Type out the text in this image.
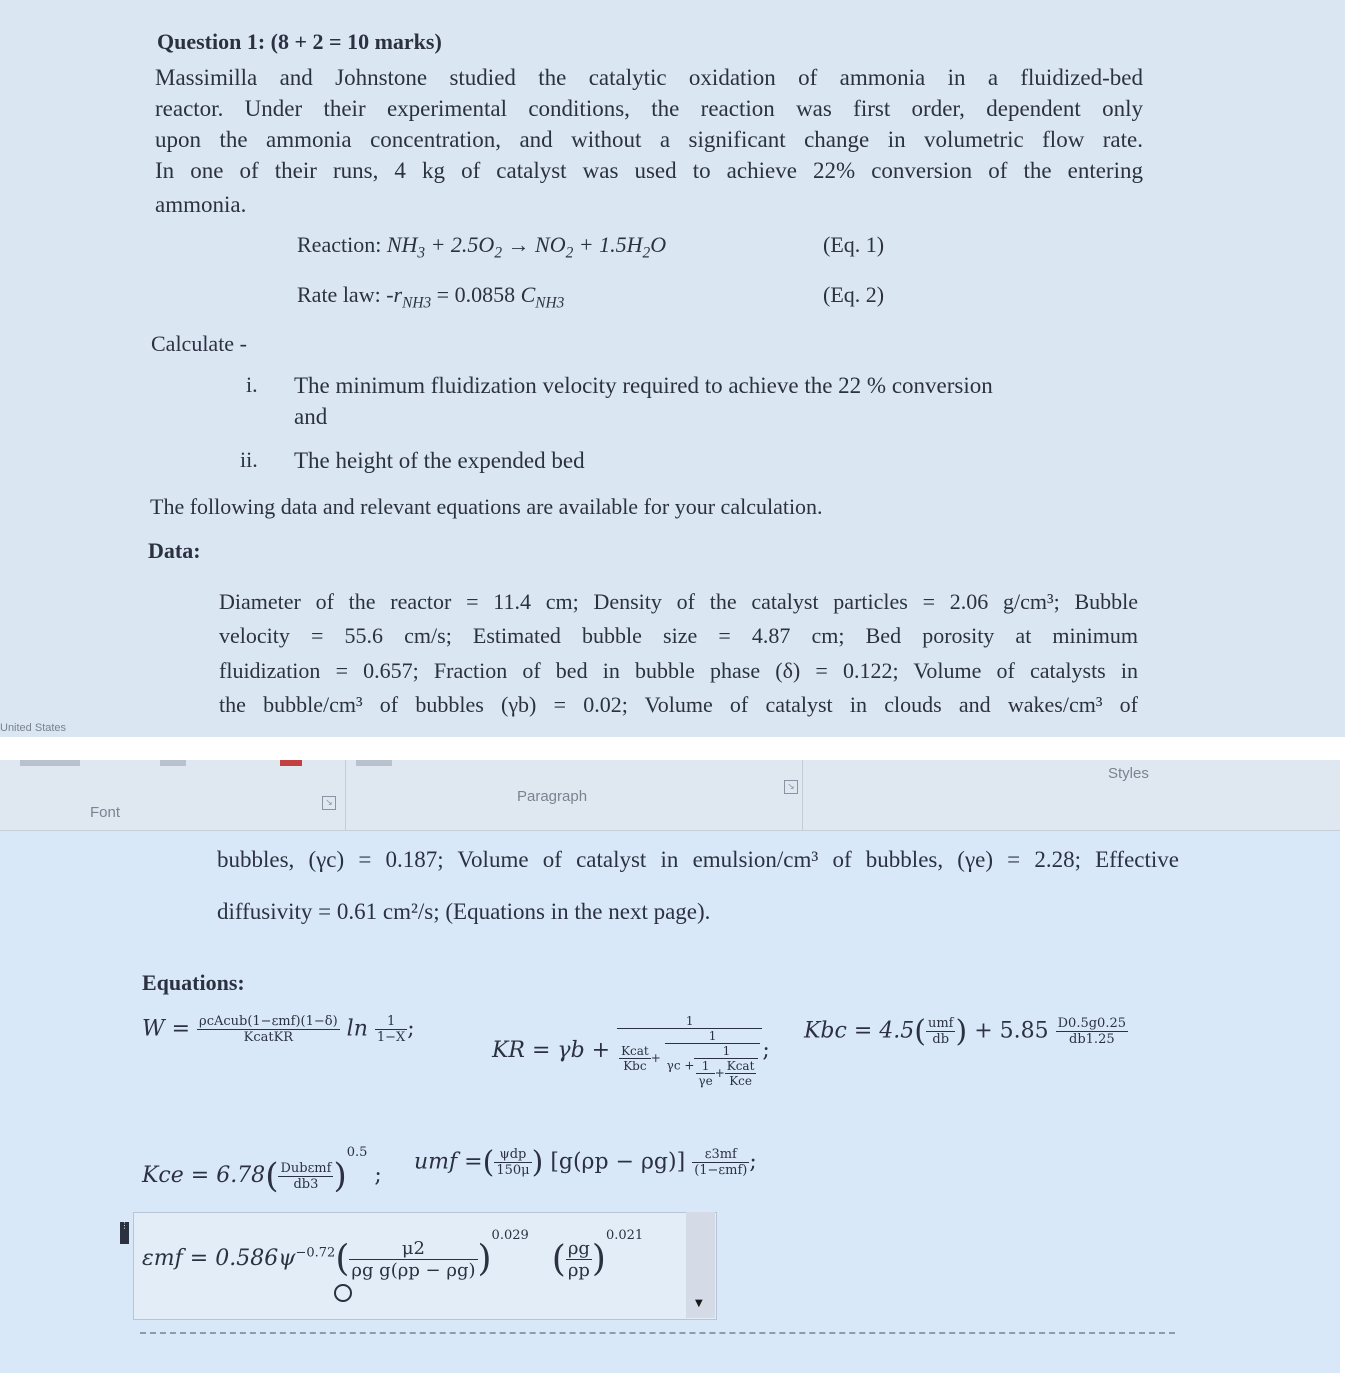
Question 1: (8 + 2 = 10 marks)
Massimilla and Johnstone studied the catalytic oxidation of ammonia in a fluidized-bed
reactor. Under their experimental conditions, the reaction was first order, dependent only
upon the ammonia concentration, and without a significant change in volumetric flow rate.
In one of their runs, 4 kg of catalyst was used to achieve 22% conversion of the entering
ammonia.
Reaction: $NH_3 + 2.5O_2 \to NO_2 + 1.5H_2O$	(Eq. 1)
Rate law: $-r_{NH3} = 0.0858$ $C_{NH3}$	(Eq. 2)
Calculate -
i. The minimum fluidization velocity required to achieve the 22 % conversion
and
ii. The height of the expended bed
The following data and relevant equations are available for your calculation.
Data:
Diameter of the reactor = 11.4 cm; Density of the catalyst particles = 2.06 g/cm³; Bubble
velocity = 55.6 cm/s; Estimated bubble size = 4.87 cm; Bed porosity at minimum
fluidization = 0.657; Fraction of bed in bubble phase (δ) = 0.122; Volume of catalysts in
the bubble/cm³ of bubbles (γb) = 0.02; Volume of catalyst in clouds and wakes/cm³ of
United States
Font
↘	Paragraph
↘
Styles
bubbles, (γc) = 0.187; Volume of catalyst in emulsion/cm³ of bubbles, (γe) = 2.28; Effective
diffusivity = 0.61 cm²/s; (Equations in the next page).
Equations:
$W = \frac{\text{ρcAcub(1−εmf)(1−δ)}}{\text{KcatKR}}$ $\ln \frac{1}{1-X}$ ;
KR = $\gamma b + \frac{1}{\frac{\text{Kcat}}{\text{Kbc}} + \frac{1}{\gamma c + \frac{1}{\frac{1}{\gamma e} + \frac{\text{Kcat}}{\text{Kce}}}}}$ ;
Kbc = $4.5( \frac{\text{umf}}{db}$ ) + $5.85 \frac{D0.5g0.25}{db1.25}$
Kce = $6.78( \frac{\text{Dubεmf}}{db3} )^{0.5}$ ;
umf =( $\frac{\text{ψdp}}{150\mu}$ ) $[g(\rho p - \rho g)] \frac{\varepsilon 3mf}{\text{(1−εmf)}}$ ;
⋮
▼
$\varepsilon mf = 0.586\psi^{-0.72}( \frac{\mu 2}{\text{ρg g(ρp − ρg)}} )^{0.029}$ ( $\frac{\rho g}{\rho p} )^{0.021}$
